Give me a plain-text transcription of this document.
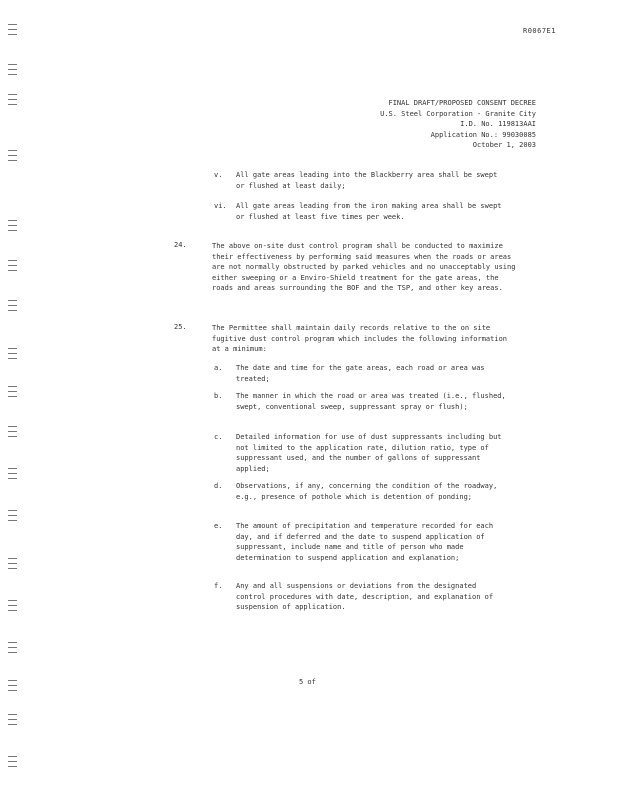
R0067E1
FINAL DRAFT/PROPOSED CONSENT DECREE
U.S. Steel Corporation - Granite City
I.D. No. 119813AAI
Application No.: 99030085
October 1, 2003
v. All gate areas leading into the Blackberry area shall be swept or flushed at least daily;
vi. All gate areas leading from the iron making area shall be swept or flushed at least five times per week.
24.	The above on-site dust control program shall be conducted to maximize their effectiveness by performing said measures when the roads or areas are not normally obstructed by parked vehicles and no unacceptably using either sweeping or a Enviro-Shield treatment for the gate areas, the roads and areas surrounding the BOF and the TSP, and other key areas.
25.	The Permittee shall maintain daily records relative to the on site fugitive dust control program which includes the following information at a minimum:
a. The date and time for the gate areas, each road or area was treated;
b. The manner in which the road or area was treated (i.e., flushed, swept, conventional sweep, suppressant spray or flush);
c. Detailed information for use of dust suppressants including but not limited to the application rate, dilution ratio, type of suppressant used, and the number of gallons of suppressant applied;
d. Observations, if any, concerning the condition of the roadway, e.g., presence of pothole which is detention of ponding;
e. The amount of precipitation and temperature recorded for each day, and if deferred and the date to suspend application of suppressant, include name and title of person who made determination to suspend application and explanation;
f. Any and all suspensions or deviations from the designated control procedures with date, description, and explanation of suspension of application.
5 of
